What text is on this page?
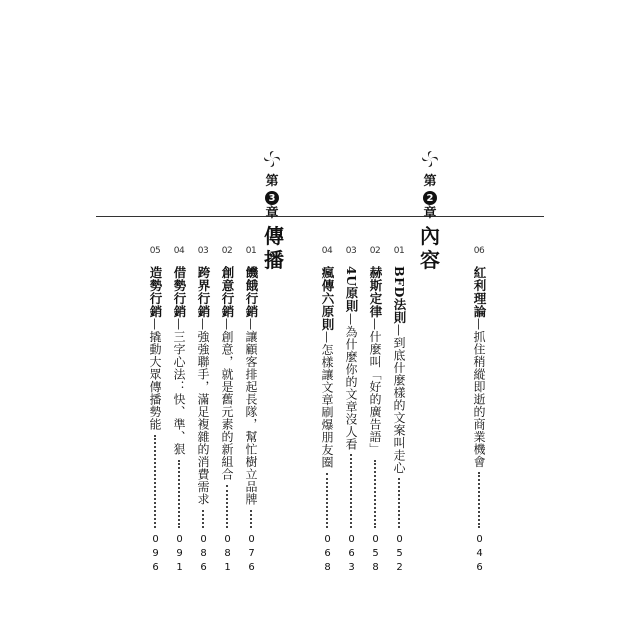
第
3
章
第
2
章
傳播
內容
01
饑餓行銷
—讓顧客排起長隊，幫忙樹立品牌
076
02
創意行銷
—創意，就是舊元素的新組合
081
03
跨界行銷
—強強聯手，滿足複雜的消費需求
086
04
借勢行銷
—三字心法：快、準、狠
091
05
造勢行銷
—撬動大眾傳播勢能
096
01
BFD法則
—到底什麼樣的文案叫走心
052
02
赫斯定律
—什麼叫「好的廣告語」
058
03
4U原則
—為什麼你的文章沒人看
063
04
瘋傳六原則
—怎樣讓文章刷爆朋友圈
068
06
紅利理論
—抓住稍縱即逝的商業機會
046
